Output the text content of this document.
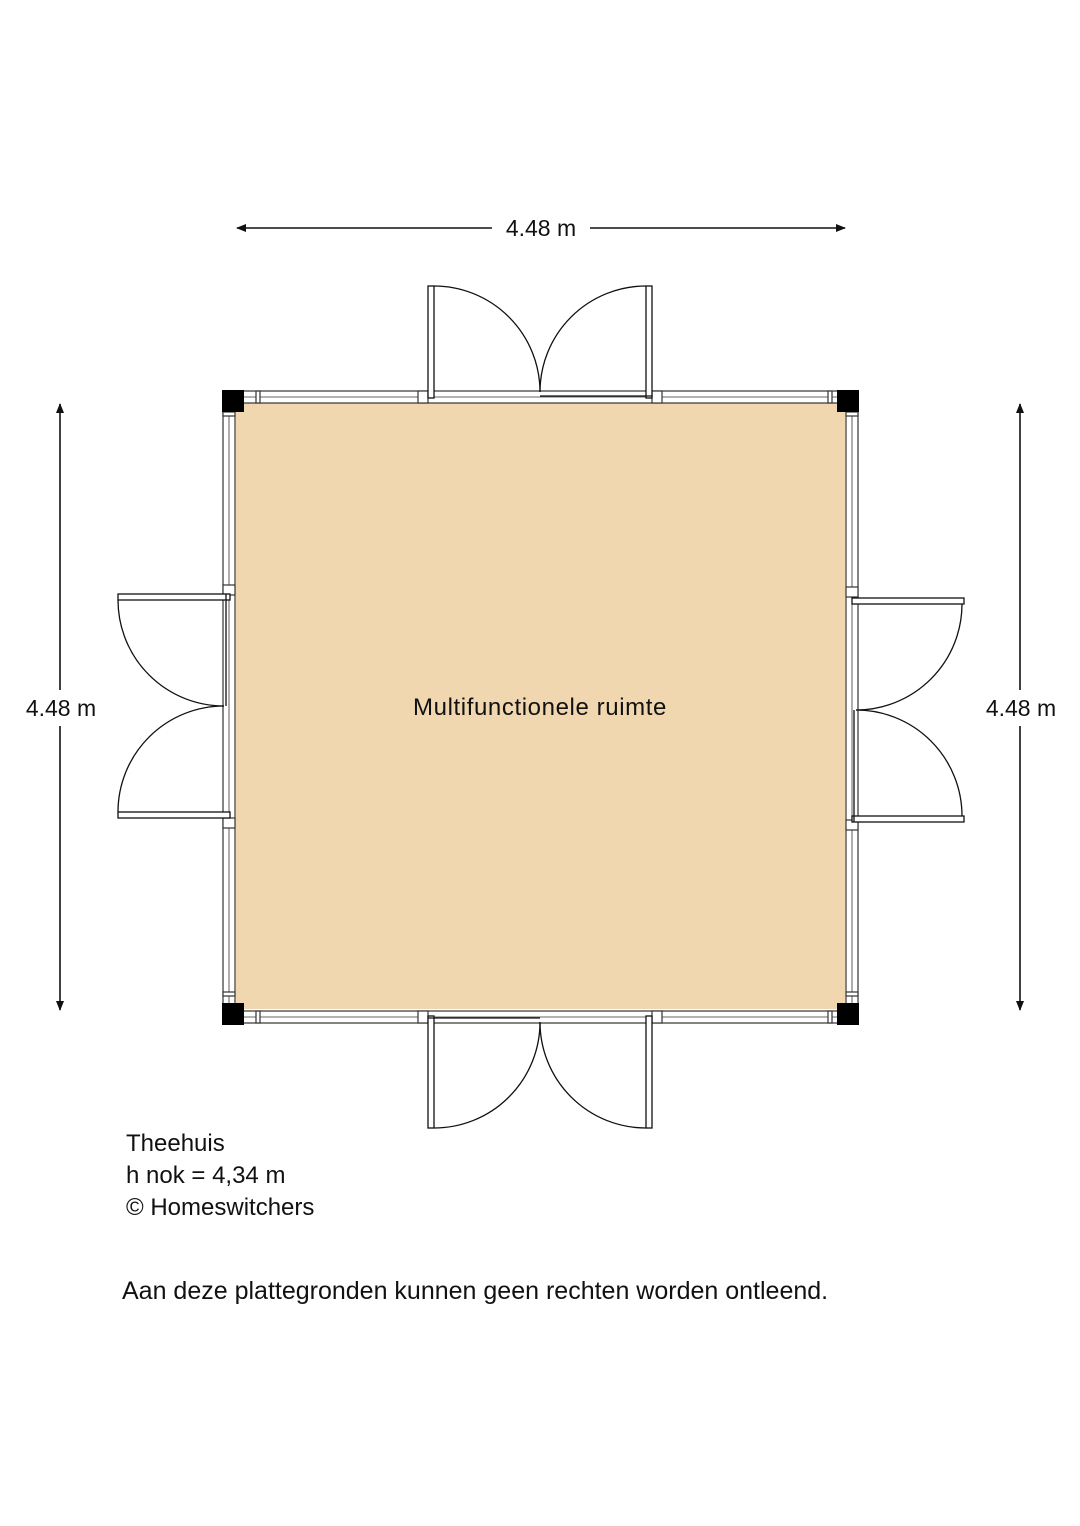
4.48 m
4.48 m	4.48 m
Multifunctionele ruimte
Theehuis
h nok = 4,34 m
© Homeswitchers
Aan deze plattegronden kunnen geen rechten worden ontleend.
